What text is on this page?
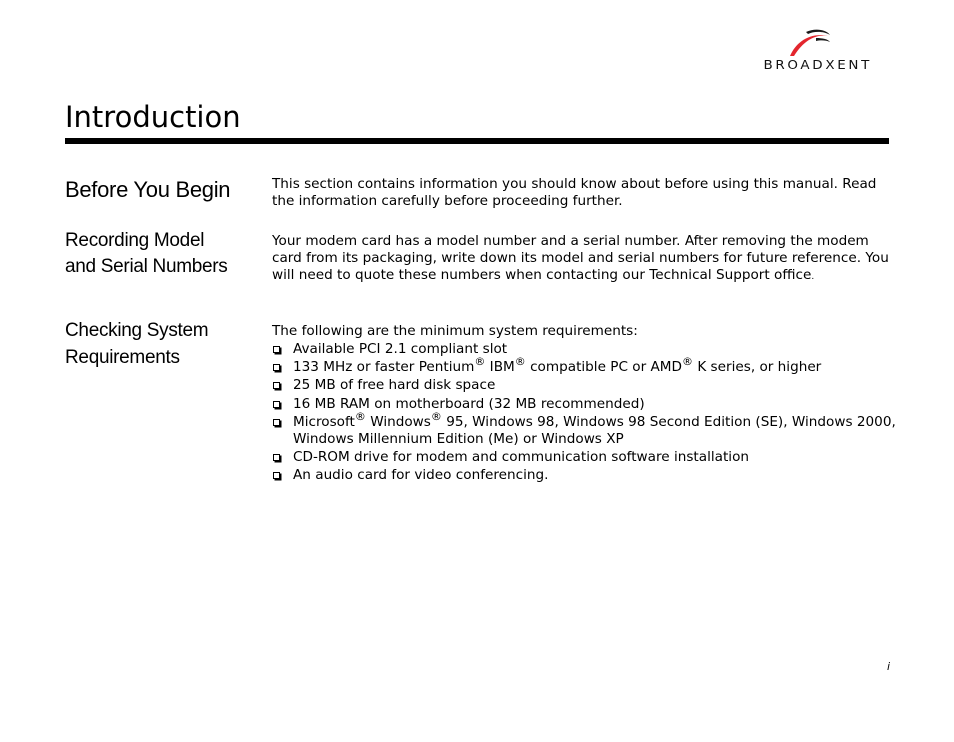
BROADXENT
Introduction
Before You Begin	This section contains information you should know about before using this manual. Read the information carefully before proceeding further.

Recording Model
and Serial Numbers

Your modem card has a model number and a serial number. After removing the modem card from its packaging, write down its model and serial numbers for future reference. You will need to quote these numbers when contacting our Technical Support office.

Checking System
Requirements

The following are the minimum system requirements:

Available PCI 2.1 compliant slot
133 MHz or faster Pentium® IBM® compatible PC or AMD® K series, or higher
25 MB of free hard disk space
16 MB RAM on motherboard (32 MB recommended)
Microsoft® Windows® 95, Windows 98, Windows 98 Second Edition (SE), Windows 2000, Windows Millennium Edition (Me) or Windows XP
CD-ROM drive for modem and communication software installation
An audio card for video conferencing.
i
